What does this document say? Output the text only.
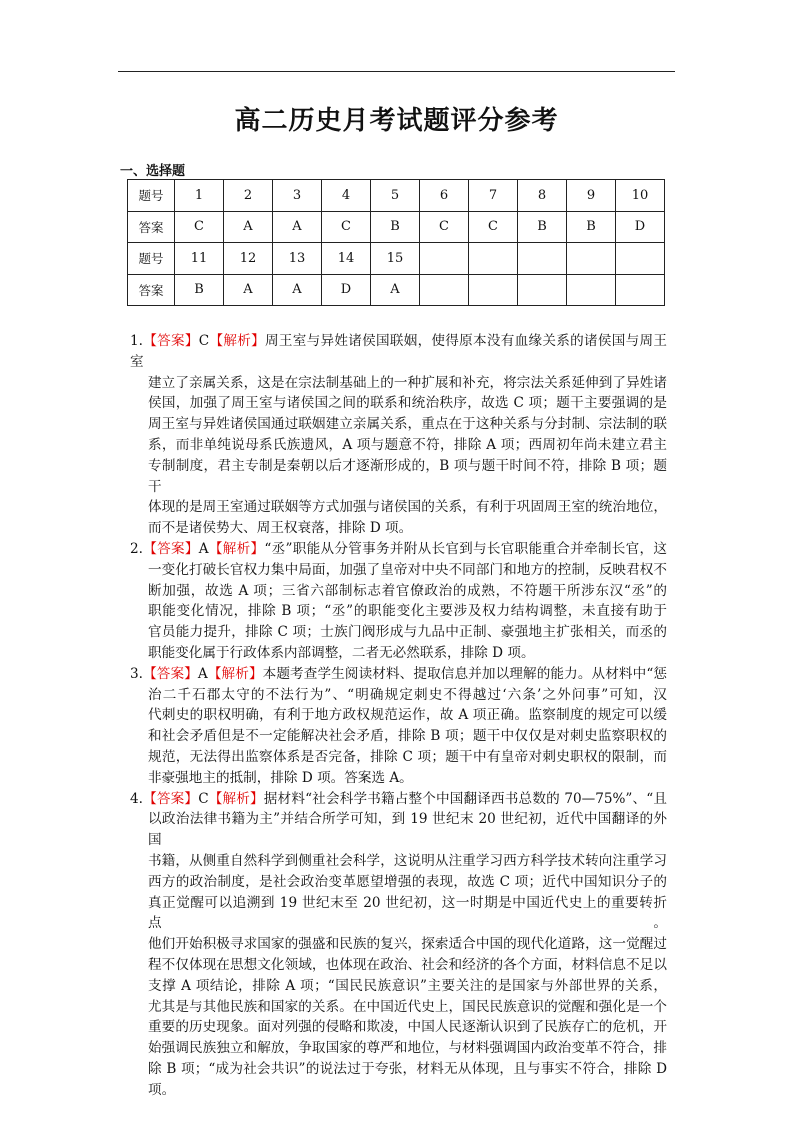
高二历史月考试题评分参考
一、选择题
题号	1	2	3	4	5	6	7	8	9	10
答案	C	A	A	C	B	C	C	B	B	D
题号	11	12	13	14	15					
答案	B	A	A	D	A					
1.【答案】C【解析】周王室与异姓诸侯国联姻，使得原本没有血缘关系的诸侯国与周王室
建立了亲属关系，这是在宗法制基础上的一种扩展和补充，将宗法关系延伸到了异姓诸
侯国，加强了周王室与诸侯国之间的联系和统治秩序，故选 C 项；题干主要强调的是
周王室与异姓诸侯国通过联姻建立亲属关系，重点在于这种关系与分封制、宗法制的联
系，而非单纯说母系氏族遗风，A 项与题意不符，排除 A 项；西周初年尚未建立君主
专制制度，君主专制是秦朝以后才逐渐形成的，B 项与题干时间不符，排除 B 项；题干
体现的是周王室通过联姻等方式加强与诸侯国的关系，有利于巩固周王室的统治地位，
而不是诸侯势大、周王权衰落，排除 D 项。
2.【答案】A【解析】“丞”职能从分管事务并附从长官到与长官职能重合并牵制长官，这
一变化打破长官权力集中局面，加强了皇帝对中央不同部门和地方的控制，反映君权不
断加强，故选 A 项；三省六部制标志着官僚政治的成熟，不符题干所涉东汉“丞”的
职能变化情况，排除 B 项；“丞”的职能变化主要涉及权力结构调整，未直接有助于
官员能力提升，排除 C 项；士族门阀形成与九品中正制、豪强地主扩张相关，而丞的
职能变化属于行政体系内部调整，二者无必然联系，排除 D 项。
3.【答案】A【解析】本题考查学生阅读材料、提取信息并加以理解的能力。从材料中“惩
治二千石郡太守的不法行为”、“明确规定刺史不得越过‘六条’之外问事”可知，汉
代刺史的职权明确，有利于地方政权规范运作，故 A 项正确。监察制度的规定可以缓
和社会矛盾但是不一定能解决社会矛盾，排除 B 项；题干中仅仅是对刺史监察职权的
规范，无法得出监察体系是否完备，排除 C 项；题干中有皇帝对刺史职权的限制，而
非豪强地主的抵制，排除 D 项。答案选 A。
4.【答案】C【解析】据材料“社会科学书籍占整个中国翻译西书总数的 70—75%”、“且
以政治法律书籍为主”并结合所学可知，到 19 世纪末 20 世纪初，近代中国翻译的外国
书籍，从侧重自然科学到侧重社会科学，这说明从注重学习西方科学技术转向注重学习
西方的政治制度，是社会政治变革愿望增强的表现，故选 C 项；近代中国知识分子的
真正觉醒可以追溯到 19 世纪末至 20 世纪初，这一时期是中国近代史上的重要转折点。
他们开始积极寻求国家的强盛和民族的复兴，探索适合中国的现代化道路，这一觉醒过
程不仅体现在思想文化领域，也体现在政治、社会和经济的各个方面，材料信息不足以
支撑 A 项结论，排除 A 项；“国民民族意识”主要关注的是国家与外部世界的关系，
尤其是与其他民族和国家的关系。在中国近代史上，国民民族意识的觉醒和强化是一个
重要的历史现象。面对列强的侵略和欺凌，中国人民逐渐认识到了民族存亡的危机，开
始强调民族独立和解放，争取国家的尊严和地位，与材料强调国内政治变革不符合，排
除 B 项；“成为社会共识”的说法过于夸张，材料无从体现，且与事实不符合，排除 D
项。
